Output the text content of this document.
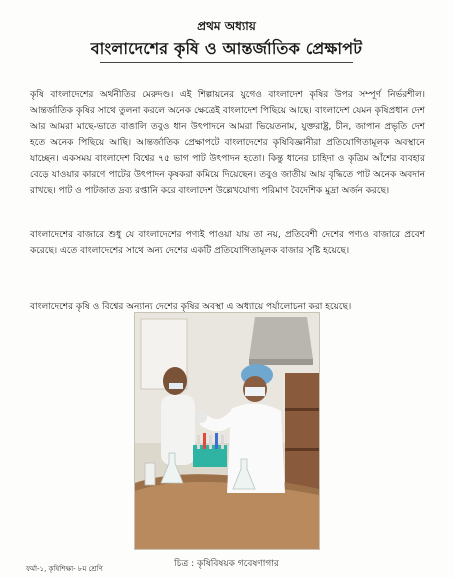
প্রথম অধ্যায়
বাংলাদেশের কৃষি ও আন্তর্জাতিক প্রেক্ষাপট

কৃষি বাংলাদেশের অর্থনীতির মেরুদণ্ড। এই শিল্পায়নের যুগেও বাংলাদেশ কৃষির উপর সম্পূর্ণ নির্ভরশীল। আন্তর্জাতিক কৃষির সাথে তুলনা করলে অনেক ক্ষেত্রেই বাংলাদেশ পিছিয়ে আছে। বাংলাদেশ যেমন কৃষিপ্রধান দেশ আর আমরা মাছে-ভাতে বাঙালি তবুও ধান উৎপাদনে আমরা ভিয়েতনাম, যুক্তরাষ্ট্র, চীন, জাপান প্রভৃতি দেশ হতে অনেক পিছিয়ে আছি। আন্তর্জাতিক প্রেক্ষাপটে বাংলাদেশের কৃষিবিজ্ঞানীরা প্রতিযোগিতামূলক অবস্থানে যাচ্ছেন। একসময় বাংলাদেশ বিশ্বের ৭৫ ভাগ পাট উৎপাদন হতো। কিন্তু ধানের চাহিদা ও কৃত্রিম আঁশের ব্যবহার বেড়ে যাওয়ার কারণে পাটের উৎপাদন কৃষকরা কমিয়ে দিয়েছেন। তবুও জাতীয় আয় বৃদ্ধিতে পাট অনেক অবদান রাখছে। পাট ও পাটজাত দ্রব্য রপ্তানি করে বাংলাদেশ উল্লেখযোগ্য পরিমাণ বৈদেশিক মুদ্রা অর্জন করছে।

বাংলাদেশের বাজারে শুধু যে বাংলাদেশের পণ্যই পাওয়া যায় তা নয়, প্রতিবেশী দেশের পণ্যও বাজারে প্রবেশ করেছে। এতে বাংলাদেশের সাথে অন্য দেশের একটি প্রতিযোগিতামূলক বাজার সৃষ্টি হয়েছে।

বাংলাদেশের কৃষি ও বিশ্বের অন্যান্য দেশের কৃষির অবস্থা এ অধ্যায়ে পর্যালোচনা করা হয়েছে।

চিত্র : কৃষিবিষয়ক গবেষণাগার
ফর্মা-১, কৃষিশিক্ষা- ৮ম শ্রেণি
